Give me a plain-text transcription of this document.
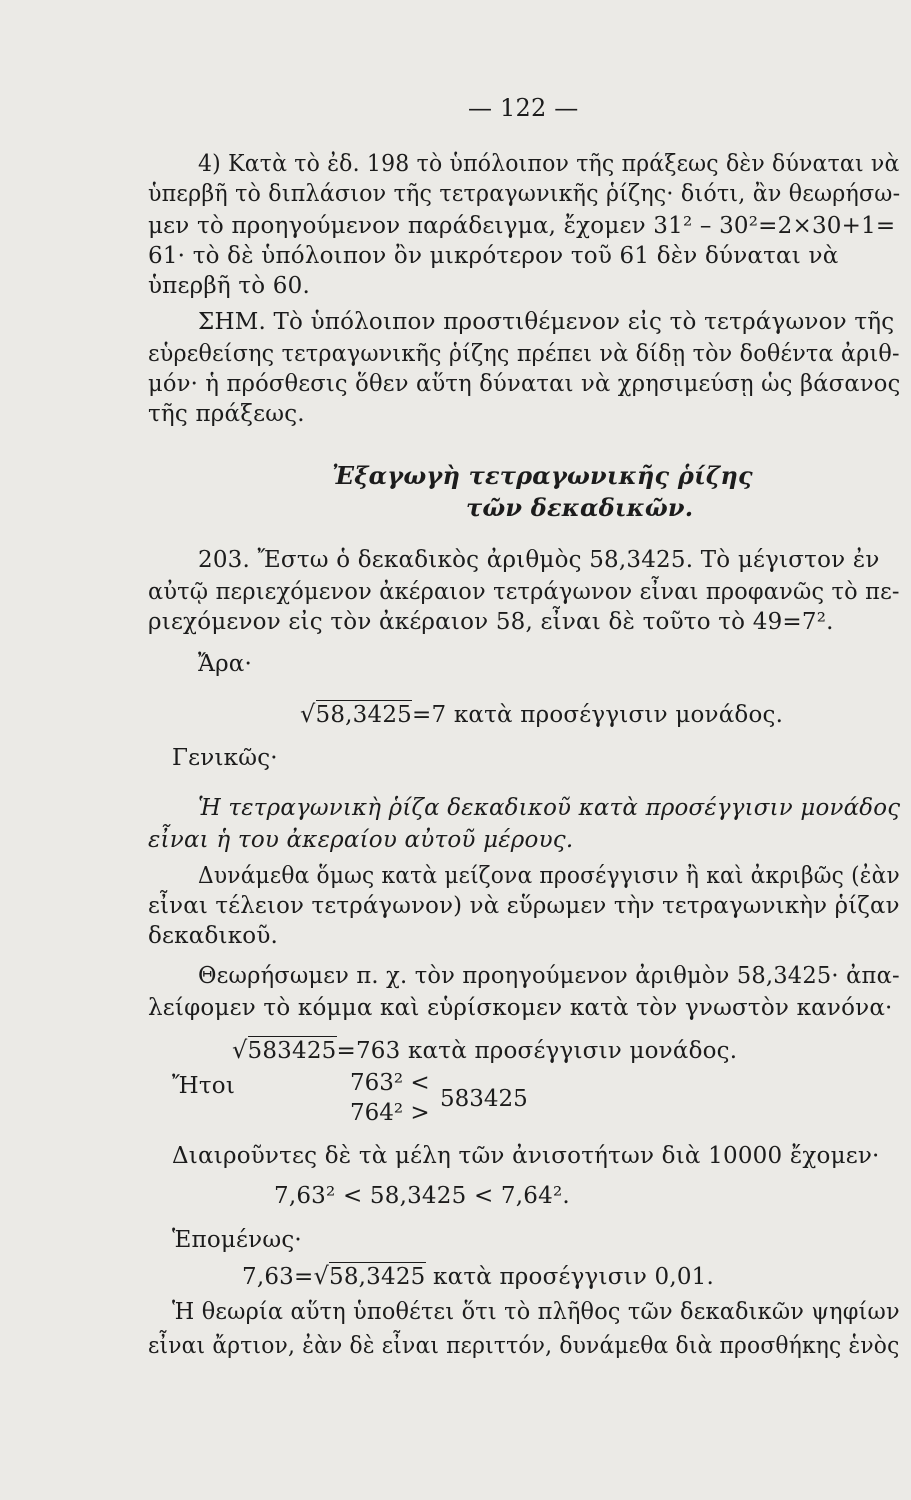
— 122 —
4) Κατὰ τὸ ἐδ. 198 τὸ ὑπόλοιπον τῆς πράξεως δὲν δύναται νὰ
ὑπερβῆ τὸ διπλάσιον τῆς τετραγωνικῆς ῥίζης· διότι, ἂν θεωρήσω-
μεν τὸ προηγούμενον παράδειγμα, ἔχομεν 31² – 30²=2×30+1=
61· τὸ δὲ ὑπόλοιπον ὂν μικρότερον τοῦ 61 δὲν δύναται νὰ
ὑπερβῆ τὸ 60.
ΣΗΜ. Τὸ ὑπόλοιπον προστιθέμενον εἰς τὸ τετράγωνον τῆς
εὑρεθείσης τετραγωνικῆς ῥίζης πρέπει νὰ δίδῃ τὸν δοθέντα ἀριθ-
μόν· ἡ πρόσθεσις ὅθεν αὕτη δύναται νὰ χρησιμεύσῃ ὡς βάσανος
τῆς πράξεως.
Ἐξαγωγὴ τετραγωνικῆς ῥίζης
τῶν δεκαδικῶν.
203. Ἔστω ὁ δεκαδικὸς ἀριθμὸς 58,3425. Τὸ μέγιστον ἐν
αὐτῷ περιεχόμενον ἀκέραιον τετράγωνον εἶναι προφανῶς τὸ πε-
ριεχόμενον εἰς τὸν ἀκέραιον 58, εἶναι δὲ τοῦτο τὸ 49=7².
Ἄρα·
√58,3425=7 κατὰ προσέγγισιν μονάδος.
Γενικῶς·
Ἡ τετραγωνικὴ ῥίζα δεκαδικοῦ κατὰ προσέγγισιν μονάδος
εἶναι ἡ του ἀκεραίου αὐτοῦ μέρους.
Δυνάμεθα ὅμως κατὰ μείζονα προσέγγισιν ἢ καὶ ἀκριβῶς (ἐὰν
εἶναι τέλειον τετράγωνον) νὰ εὕρωμεν τὴν τετραγωνικὴν ῥίζαν
δεκαδικοῦ.
Θεωρήσωμεν π. χ. τὸν προηγούμενον ἀριθμὸν 58,3425· ἀπα-
λείφομεν τὸ κόμμα καὶ εὑρίσκομεν κατὰ τὸν γνωστὸν κανόνα·
√583425=763 κατὰ προσέγγισιν μονάδος.
Ἤτοι	763² <
764² >
583425
Διαιροῦντες δὲ τὰ μέλη τῶν ἀνισοτήτων διὰ 10000 ἔχομεν·
7,63² < 58,3425 < 7,64².
Ἑπομένως·
7,63=√58,3425 κατὰ προσέγγισιν 0,01.
Ἡ θεωρία αὕτη ὑποθέτει ὅτι τὸ πλῆθος τῶν δεκαδικῶν ψηφίων
εἶναι ἄρτιον, ἐὰν δὲ εἶναι περιττόν, δυνάμεθα διὰ προσθήκης ἑνὸς
